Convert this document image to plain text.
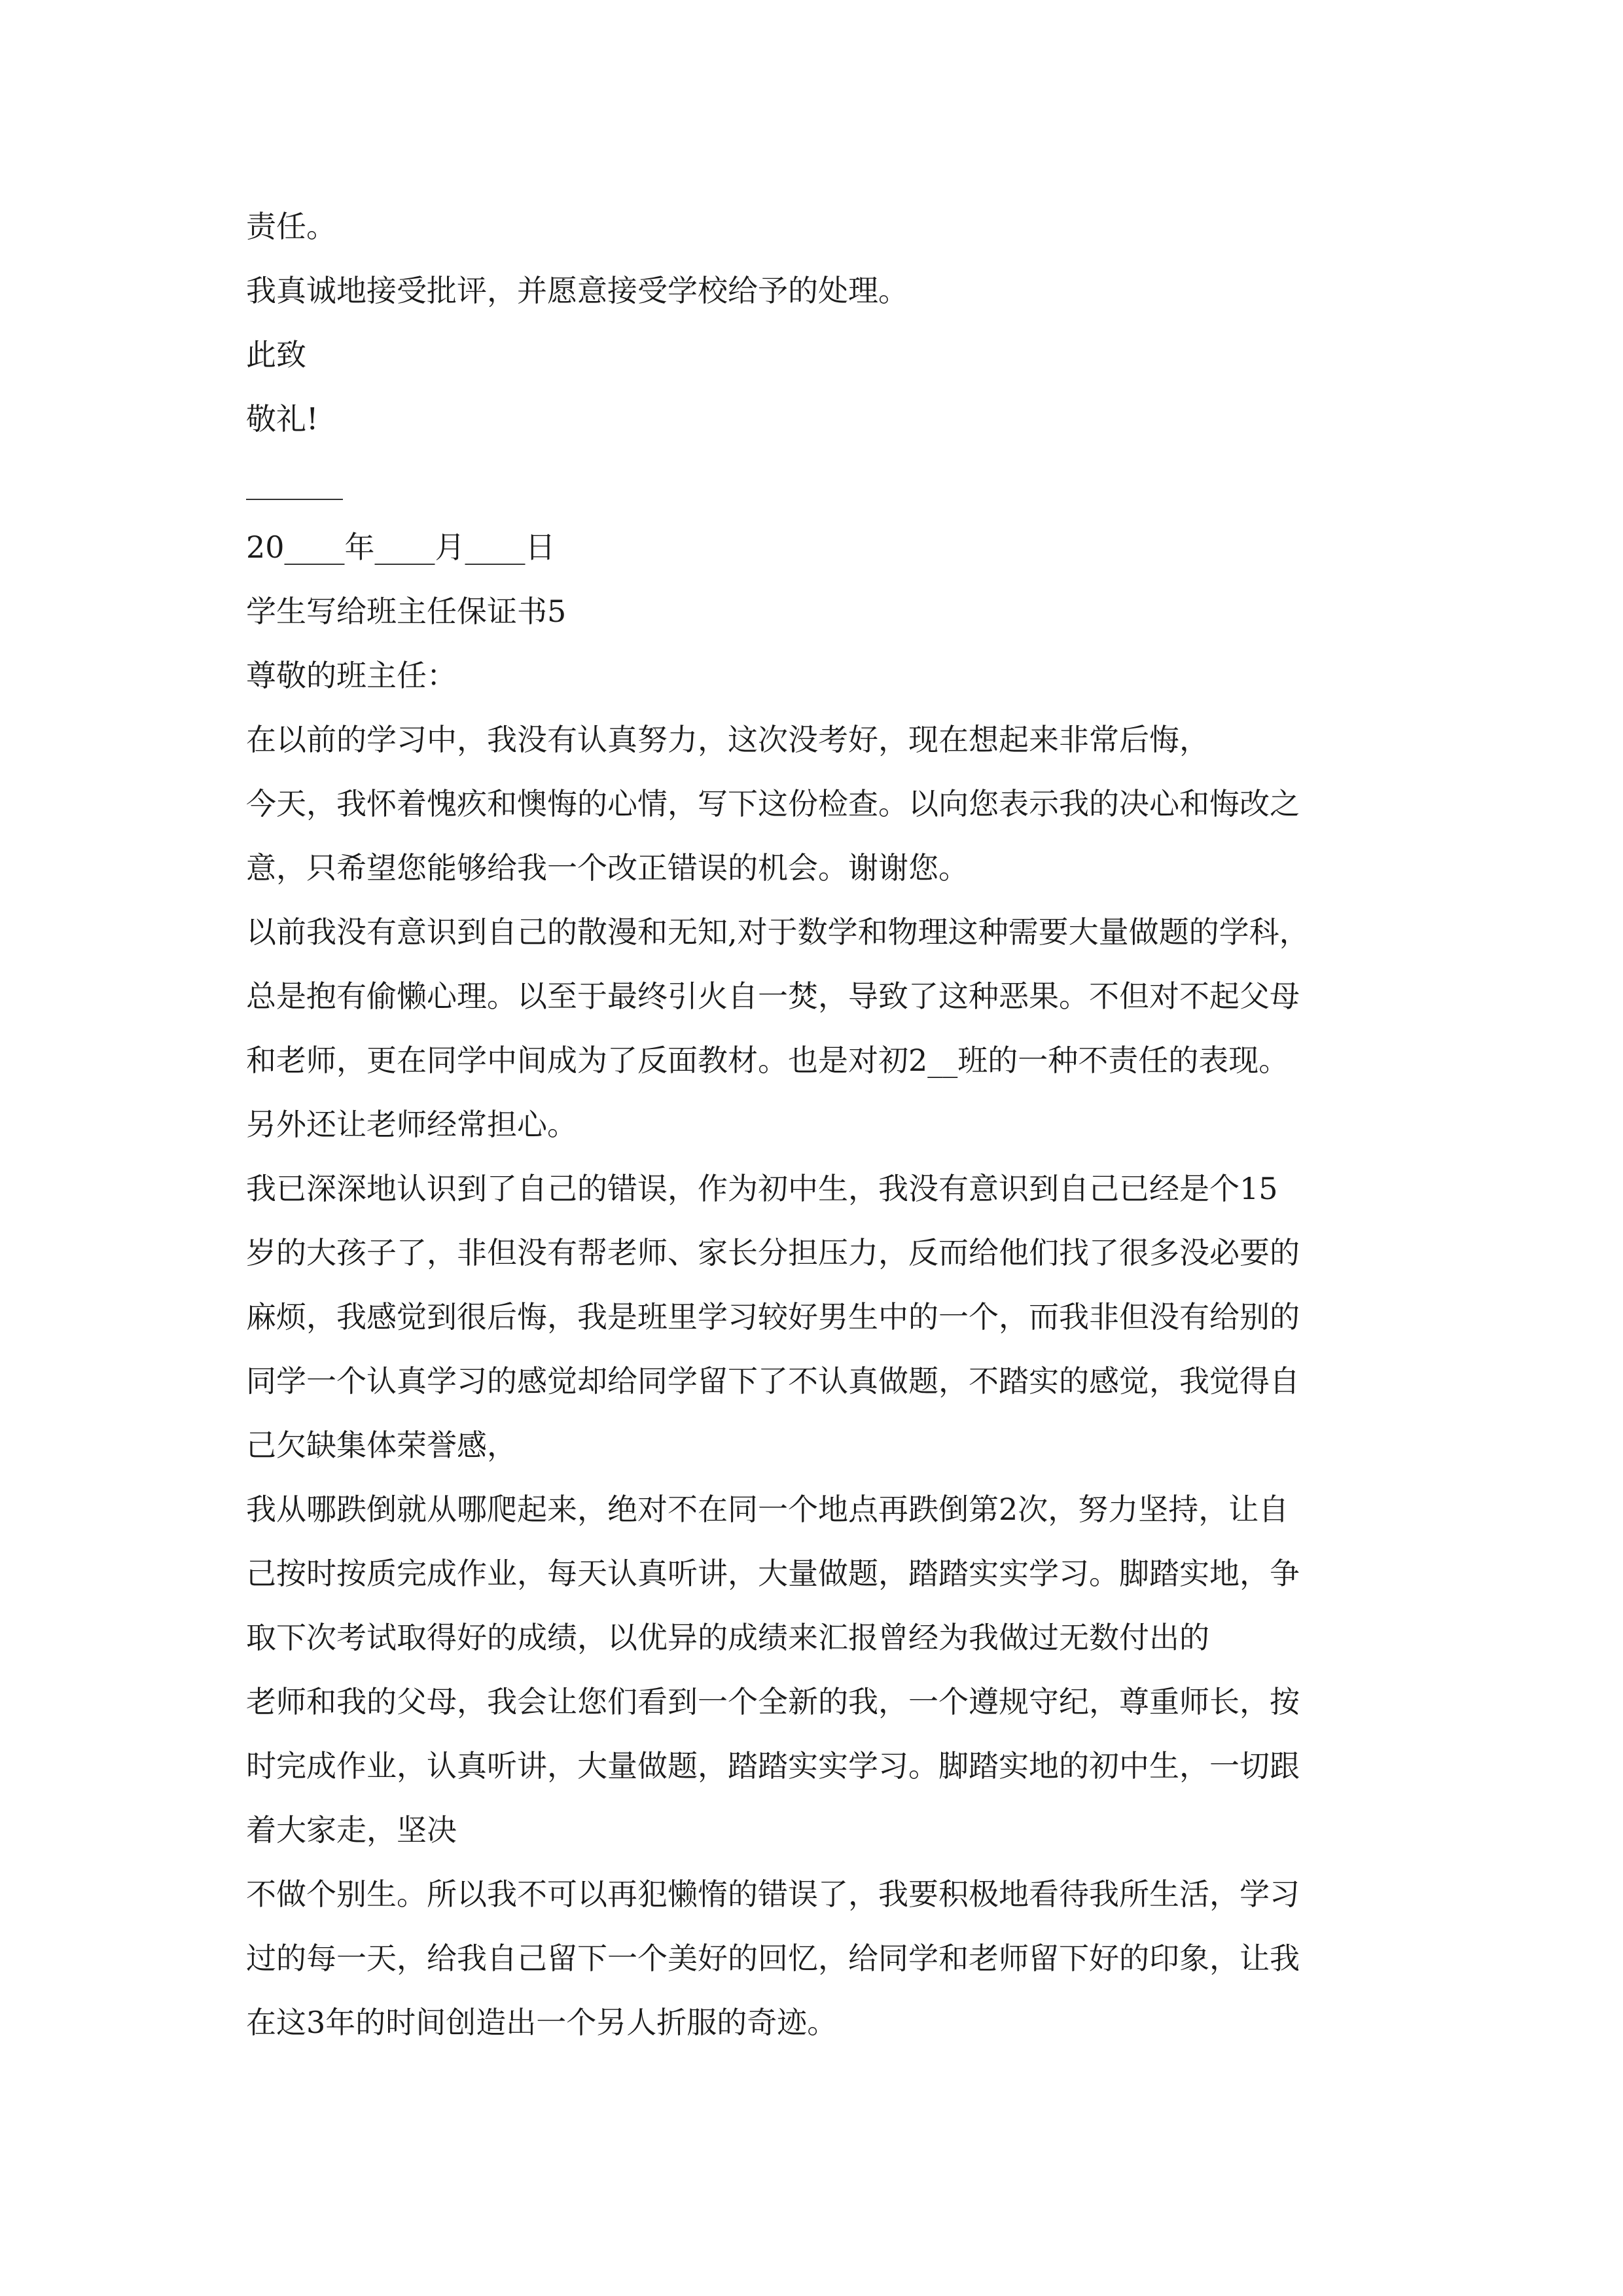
责任。
我真诚地接受批评，并愿意接受学校给予的处理。
此致
敬礼!
20____年____月____日
学生写给班主任保证书5
尊敬的班主任：
在以前的学习中，我没有认真努力，这次没考好，现在想起来非常后悔，
今天，我怀着愧疚和懊悔的心情，写下这份检查。以向您表示我的决心和悔改之
意，只希望您能够给我一个改正错误的机会。谢谢您。
以前我没有意识到自己的散漫和无知,对于数学和物理这种需要大量做题的学科，
总是抱有偷懒心理。以至于最终引火自一焚，导致了这种恶果。不但对不起父母
和老师，更在同学中间成为了反面教材。也是对初2__班的一种不责任的表现。
另外还让老师经常担心。
我已深深地认识到了自己的错误，作为初中生，我没有意识到自己已经是个15
岁的大孩子了，非但没有帮老师、家长分担压力，反而给他们找了很多没必要的
麻烦，我感觉到很后悔，我是班里学习较好男生中的一个，而我非但没有给别的
同学一个认真学习的感觉却给同学留下了不认真做题，不踏实的感觉，我觉得自
己欠缺集体荣誉感，
我从哪跌倒就从哪爬起来，绝对不在同一个地点再跌倒第2次，努力坚持，让自
己按时按质完成作业，每天认真听讲，大量做题，踏踏实实学习。脚踏实地，争
取下次考试取得好的成绩，以优异的成绩来汇报曾经为我做过无数付出的
老师和我的父母，我会让您们看到一个全新的我，一个遵规守纪，尊重师长，按
时完成作业，认真听讲，大量做题，踏踏实实学习。脚踏实地的初中生，一切跟
着大家走，坚决
不做个别生。所以我不可以再犯懒惰的错误了，我要积极地看待我所生活，学习
过的每一天，给我自己留下一个美好的回忆，给同学和老师留下好的印象，让我
在这3年的时间创造出一个另人折服的奇迹。
